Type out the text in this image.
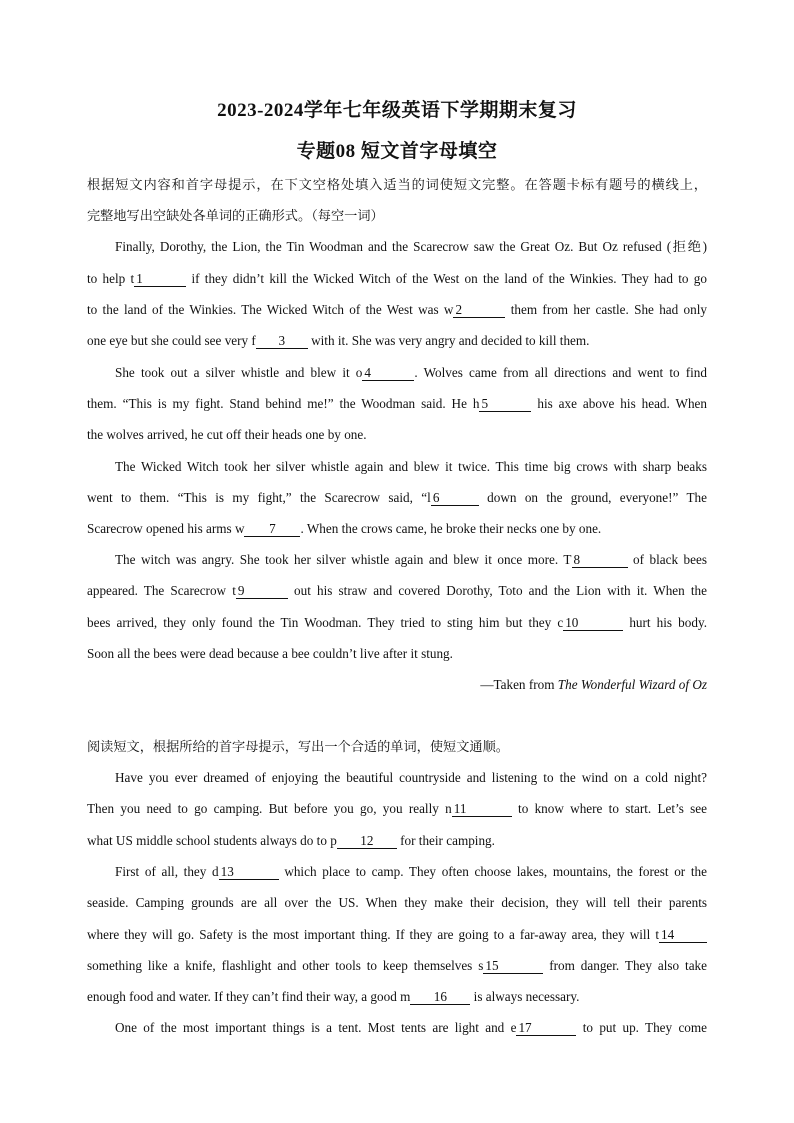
2023-2024学年七年级英语下学期期末复习
专题08 短文首字母填空
根据短文内容和首字母提示，在下文空格处填入适当的词使短文完整。在答题卡标有题号的横线上，
完整地写出空缺处各单词的正确形式。（每空一词）
Finally, Dorothy, the Lion, the Tin Woodman and the Scarecrow saw the Great Oz. But Oz refused (拒绝)
to help t 1	if they didn’t kill the Wicked Witch of the West on the land of the Winkies. They had to go
to the land of the Winkies. The Wicked Witch of the West was w 2	them from her castle. She had only
one eye but she could see very f 3 with it. She was very angry and decided to kill them.
She took out a silver whistle and blew it o 4	. Wolves came from all directions and went to find
them. “This is my fight. Stand behind me!” the Woodman said. He h 5	his axe above his head. When
the wolves arrived, he cut off their heads one by one.
The Wicked Witch took her silver whistle again and blew it twice. This time big crows with sharp beaks
went to them. “This is my fight,” the Scarecrow said, “l 6	down on the ground, everyone!” The
Scarecrow opened his arms w 7 . When the crows came, he broke their necks one by one.
The witch was angry. She took her silver whistle again and blew it once more. T 8	of black bees
appeared. The Scarecrow t 9	out his straw and covered Dorothy, Toto and the Lion with it. When the
bees arrived, they only found the Tin Woodman. They tried to sting him but they c 10	hurt his body.
Soon all the bees were dead because a bee couldn’t live after it stung.
—Taken from The Wonderful Wizard of Oz
阅读短文，根据所给的首字母提示，写出一个合适的单词，使短文通顺。
Have you ever dreamed of enjoying the beautiful countryside and listening to the wind on a cold night?
Then you need to go camping. But before you go, you really n 11	to know where to start. Let’s see
what US middle school students always do to p 12 for their camping.
First of all, they d 13	which place to camp. They often choose lakes, mountains, the forest or the
seaside. Camping grounds are all over the US. When they make their decision, they will tell their parents
where they will go. Safety is the most important thing. If they are going to a far-away area, they will t 14
something like a knife, flashlight and other tools to keep themselves s 15	from danger. They also take
enough food and water. If they can’t find their way, a good m 16 is always necessary.
One of the most important things is a tent. Most tents are light and e 17	to put up. They come
